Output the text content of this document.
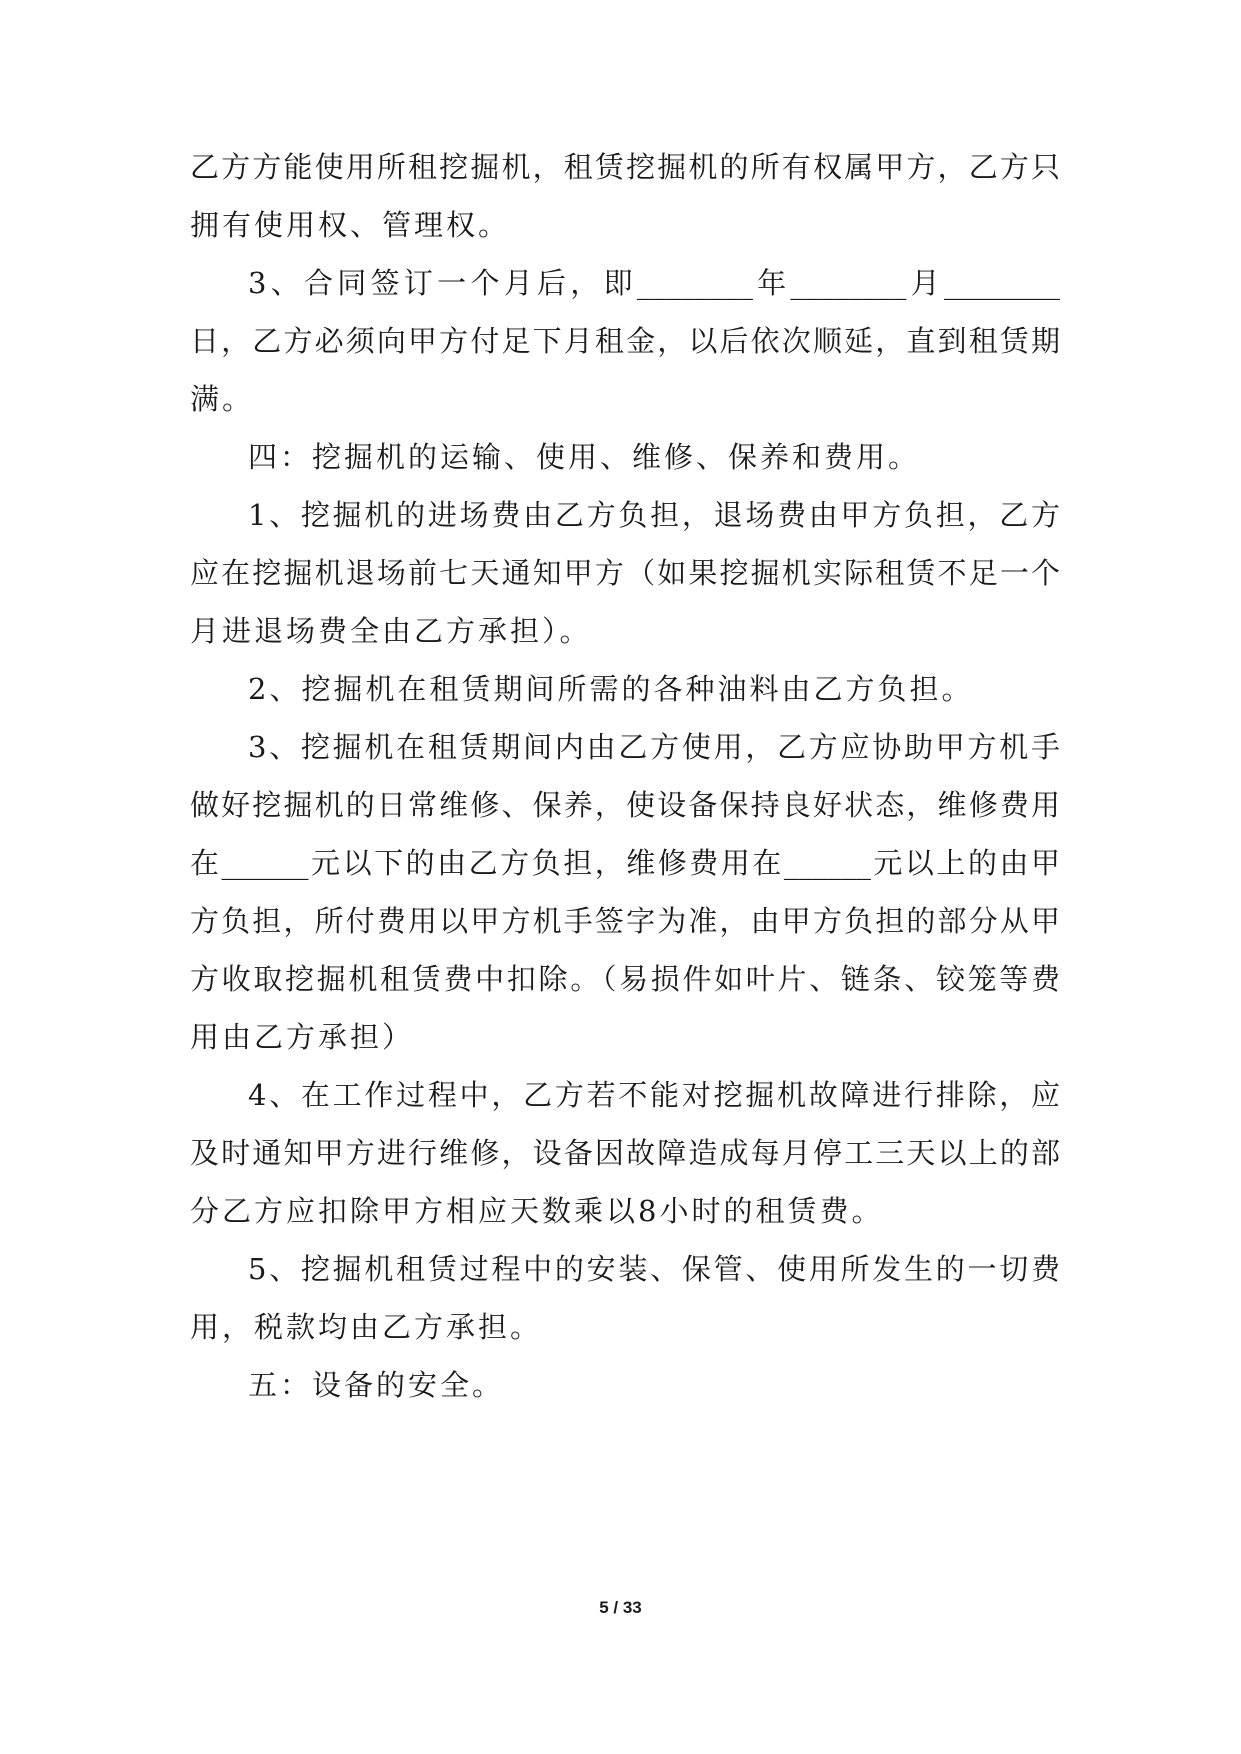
乙方方能使用所租挖掘机，租赁挖掘机的所有权属甲方，乙方只
拥有使用权、管理权。
3、合同签订一个月后，即________年________月________
日，乙方必须向甲方付足下月租金，以后依次顺延，直到租赁期
满。
四：挖掘机的运输、使用、维修、保养和费用。
1、挖掘机的进场费由乙方负担，退场费由甲方负担，乙方
应在挖掘机退场前七天通知甲方（如果挖掘机实际租赁不足一个
月进退场费全由乙方承担）。
2、挖掘机在租赁期间所需的各种油料由乙方负担。
3、挖掘机在租赁期间内由乙方使用，乙方应协助甲方机手
做好挖掘机的日常维修、保养，使设备保持良好状态，维修费用
在______元以下的由乙方负担，维修费用在______元以上的由甲
方负担，所付费用以甲方机手签字为准，由甲方负担的部分从甲
方收取挖掘机租赁费中扣除。（易损件如叶片、链条、铰笼等费
用由乙方承担）
4、在工作过程中，乙方若不能对挖掘机故障进行排除，应
及时通知甲方进行维修，设备因故障造成每月停工三天以上的部
分乙方应扣除甲方相应天数乘以8小时的租赁费。
5、挖掘机租赁过程中的安装、保管、使用所发生的一切费
用，税款均由乙方承担。
五：设备的安全。
5 / 33
